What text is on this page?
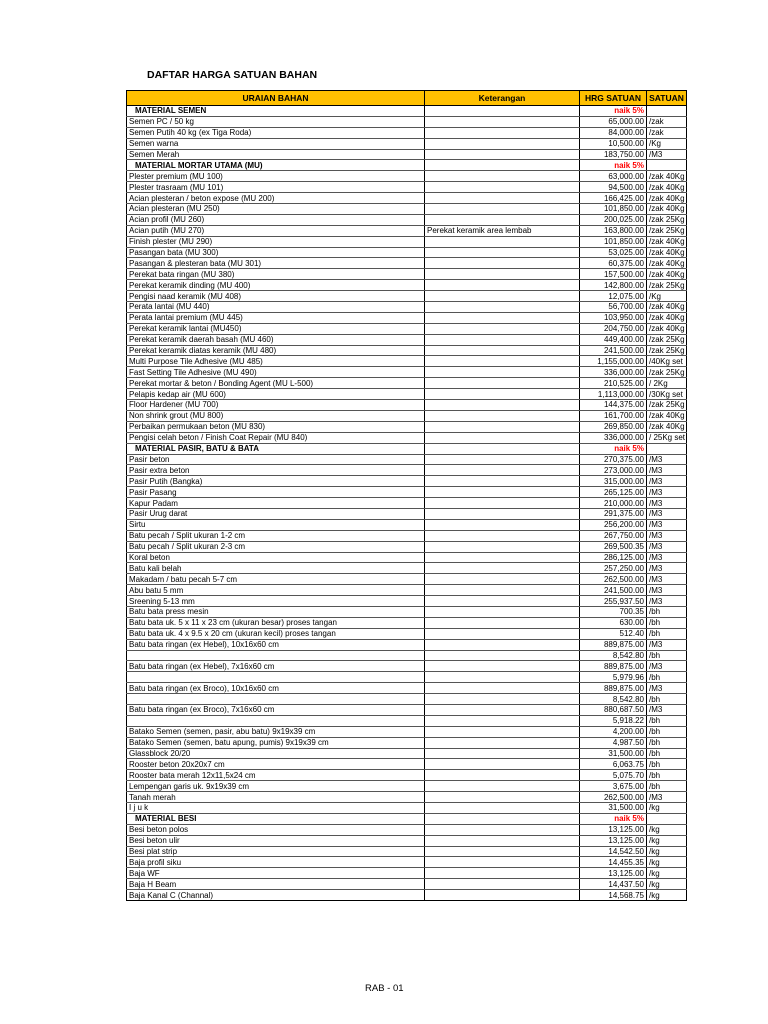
DAFTAR HARGA SATUAN BAHAN
URAIAN BAHAN	Keterangan	HRG SATUAN	SATUAN
MATERIAL SEMEN		naik 5%	
Semen PC / 50 kg		65,000.00	/zak
Semen Putih 40 kg (ex Tiga Roda)		84,000.00	/zak
Semen warna		10,500.00	/Kg
Semen Merah		183,750.00	/M3
MATERIAL MORTAR UTAMA (MU)		naik 5%	
Plester premium (MU 100)		63,000.00	/zak 40Kg
Plester trasraam (MU 101)		94,500.00	/zak 40Kg
Acian plesteran / beton expose (MU 200)		166,425.00	/zak 40Kg
Acian plesteran (MU 250)		101,850.00	/zak 40Kg
Acian profil (MU 260)		200,025.00	/zak 25Kg
Acian putih (MU 270)	Perekat keramik area lembab	163,800.00	/zak 25Kg
Finish plester (MU 290)		101,850.00	/zak 40Kg
Pasangan bata (MU 300)		53,025.00	/zak 40Kg
Pasangan & plesteran bata (MU 301)		60,375.00	/zak 40Kg
Perekat bata ringan (MU 380)		157,500.00	/zak 40Kg
Perekat keramik dinding (MU 400)		142,800.00	/zak 25Kg
Pengisi naad keramik (MU 408)		12,075.00	/Kg
Perata lantai (MU 440)		56,700.00	/zak 40Kg
Perata lantai premium (MU 445)		103,950.00	/zak 40Kg
Perekat keramik lantai (MU450)		204,750.00	/zak 40Kg
Perekat keramik daerah basah (MU 460)		449,400.00	/zak 25Kg
Perekat keramik diatas keramik (MU 480)		241,500.00	/zak 25Kg
Multi Purpose Tile Adhesive (MU 485)		1,155,000.00	/40Kg set
Fast Setting Tile Adhesive (MU 490)		336,000.00	/zak 25Kg
Perekat mortar & beton / Bonding Agent (MU L-500)		210,525.00	/ 2Kg
Pelapis kedap air (MU 600)		1,113,000.00	/30Kg set
Floor Hardener (MU 700)		144,375.00	/zak 25Kg
Non shrink grout (MU 800)		161,700.00	/zak 40Kg
Perbaikan permukaan beton (MU 830)		269,850.00	/zak 40Kg
Pengisi celah beton / Finish Coat Repair (MU 840)		336,000.00	/ 25Kg set
MATERIAL PASIR, BATU & BATA		naik 5%	
Pasir beton		270,375.00	/M3
Pasir extra beton		273,000.00	/M3
Pasir Putih (Bangka)		315,000.00	/M3
Pasir Pasang		265,125.00	/M3
Kapur Padam		210,000.00	/M3
Pasir Urug darat		291,375.00	/M3
Sirtu		256,200.00	/M3
Batu pecah / Split ukuran 1-2 cm		267,750.00	/M3
Batu pecah / Split ukuran 2-3 cm		269,500.35	/M3
Koral beton		286,125.00	/M3
Batu kali belah		257,250.00	/M3
Makadam / batu pecah 5-7 cm		262,500.00	/M3
Abu batu 5 mm		241,500.00	/M3
Sreening 5-13 mm		255,937.50	/M3
Batu bata press mesin		700.35	/bh
Batu bata uk. 5 x 11 x 23 cm (ukuran besar) proses tangan		630.00	/bh
Batu bata uk. 4 x 9.5 x 20 cm (ukuran kecil) proses tangan		512.40	/bh
Batu bata ringan (ex Hebel), 10x16x60 cm		889,875.00	/M3
		8,542.80	/bh
Batu bata ringan (ex Hebel), 7x16x60 cm		889,875.00	/M3
		5,979.96	/bh
Batu bata ringan (ex Broco), 10x16x60 cm		889,875.00	/M3
		8,542.80	/bh
Batu bata ringan (ex Broco), 7x16x60 cm		880,687.50	/M3
		5,918.22	/bh
Batako Semen (semen, pasir, abu batu) 9x19x39 cm		4,200.00	/bh
Batako Semen (semen, batu apung, pumis) 9x19x39 cm		4,987.50	/bh
Glassblock 20/20		31,500.00	/bh
Rooster beton 20x20x7 cm		6,063.75	/bh
Rooster bata merah 12x11,5x24 cm		5,075.70	/bh
Lempengan garis uk. 9x19x39 cm		3,675.00	/bh
Tanah merah		262,500.00	/M3
I j u k		31,500.00	/kg
MATERIAL BESI		naik 5%	
Besi beton polos		13,125.00	/kg
Besi beton ulir		13,125.00	/kg
Besi plat strip		14,542.50	/kg
Baja profil siku		14,455.35	/kg
Baja WF		13,125.00	/kg
Baja H Beam		14,437.50	/kg
Baja Kanal C (Channal)		14,568.75	/kg
RAB - 01
